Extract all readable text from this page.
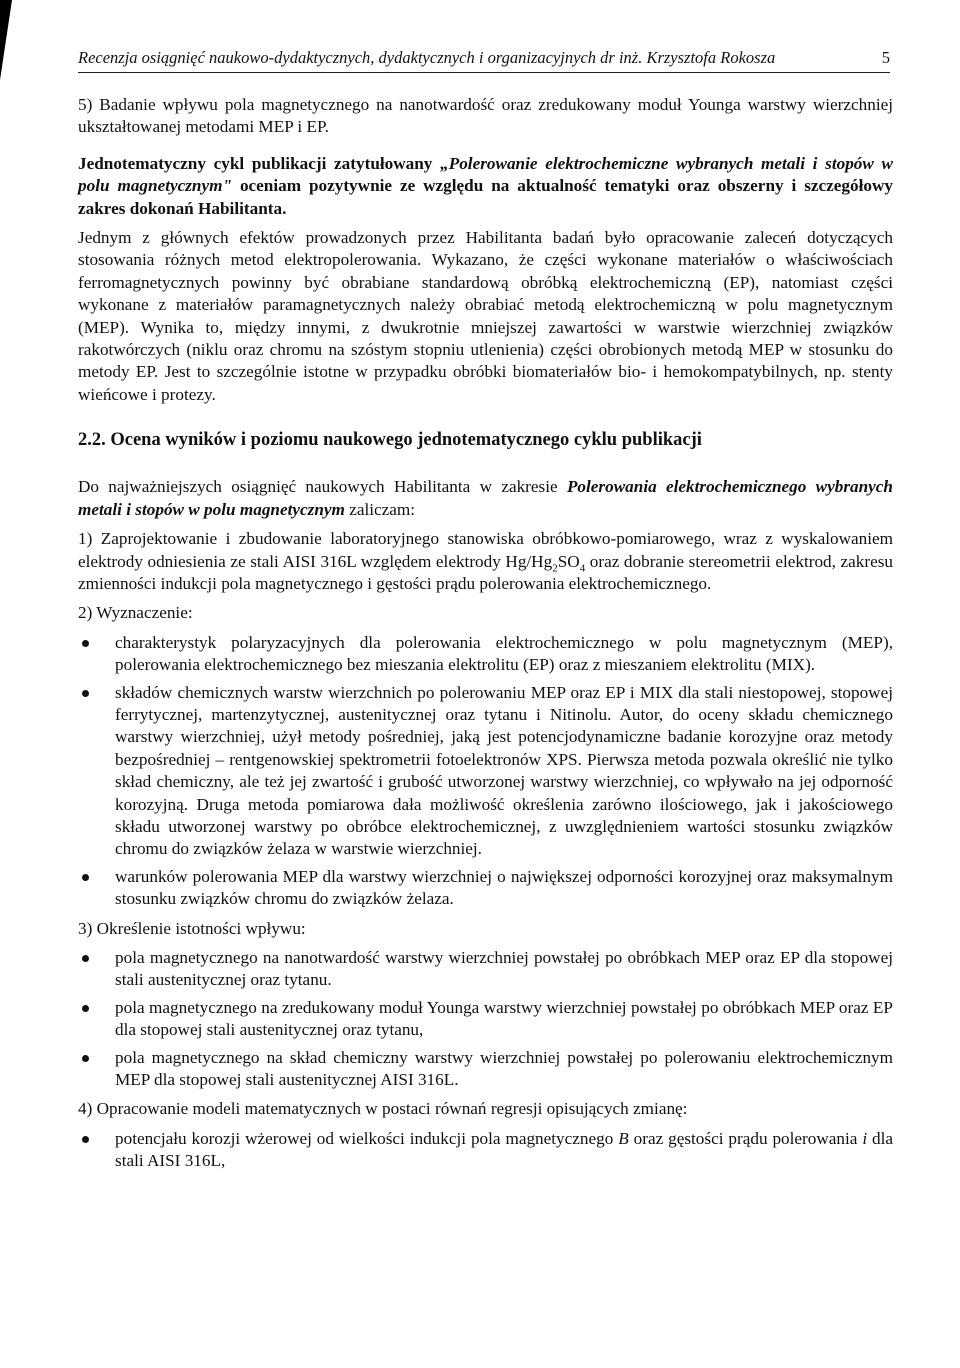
Recenzja osiągnięć naukowo-dydaktycznych, dydaktycznych i organizacyjnych dr inż. Krzysztofa Rokosza	5

5) Badanie wpływu pola magnetycznego na nanotwardość oraz zredukowany moduł Younga warstwy wierzchniej ukształtowanej metodami MEP i EP.

Jednotematyczny cykl publikacji zatytułowany „Polerowanie elektrochemiczne wybranych metali i stopów w polu magnetycznym" oceniam pozytywnie ze względu na aktualność tematyki oraz obszerny i szczegółowy zakres dokonań Habilitanta.

Jednym z głównych efektów prowadzonych przez Habilitanta badań było opracowanie zaleceń dotyczących stosowania różnych metod elektropolerowania. Wykazano, że części wykonane materiałów o właściwościach ferromagnetycznych powinny być obrabiane standardową obróbką elektrochemiczną (EP), natomiast części wykonane z materiałów paramagnetycznych należy obrabiać metodą elektrochemiczną w polu magnetycznym (MEP). Wynika to, między innymi, z dwukrotnie mniejszej zawartości w warstwie wierzchniej związków rakotwórczych (niklu oraz chromu na szóstym stopniu utlenienia) części obrobionych metodą MEP w stosunku do metody EP. Jest to szczególnie istotne w przypadku obróbki biomateriałów bio- i hemokompatybilnych, np. stenty wieńcowe i protezy.

2.2. Ocena wyników i poziomu naukowego jednotematycznego cyklu publikacji

Do najważniejszych osiągnięć naukowych Habilitanta w zakresie Polerowania elektrochemicznego wybranych metali i stopów w polu magnetycznym zaliczam:

1) Zaprojektowanie i zbudowanie laboratoryjnego stanowiska obróbkowo-pomiarowego, wraz z wyskalowaniem elektrody odniesienia ze stali AISI 316L względem elektrody $Hg/Hg_2SO_4$ oraz dobranie stereometrii elektrod, zakresu zmienności indukcji pola magnetycznego i gęstości prądu polerowania elektrochemicznego.

2) Wyznaczenie:

charakterystyk polaryzacyjnych dla polerowania elektrochemicznego w polu magnetycznym (MEP), polerowania elektrochemicznego bez mieszania elektrolitu (EP) oraz z mieszaniem elektrolitu (MIX).
składów chemicznych warstw wierzchnich po polerowaniu MEP oraz EP i MIX dla stali niestopowej, stopowej ferrytycznej, martenzytycznej, austenitycznej oraz tytanu i Nitinolu. Autor, do oceny składu chemicznego warstwy wierzchniej, użył metody pośredniej, jaką jest potencjodynamiczne badanie korozyjne oraz metody bezpośredniej – rentgenowskiej spektrometrii fotoelektronów XPS. Pierwsza metoda pozwala określić nie tylko skład chemiczny, ale też jej zwartość i grubość utworzonej warstwy wierzchniej, co wpływało na jej odporność korozyjną. Druga metoda pomiarowa dała możliwość określenia zarówno ilościowego, jak i jakościowego składu utworzonej warstwy po obróbce elektrochemicznej, z uwzględnieniem wartości stosunku związków chromu do związków żelaza w warstwie wierzchniej.
warunków polerowania MEP dla warstwy wierzchniej o największej odporności korozyjnej oraz maksymalnym stosunku związków chromu do związków żelaza.

3) Określenie istotności wpływu:

pola magnetycznego na nanotwardość warstwy wierzchniej powstałej po obróbkach MEP oraz EP dla stopowej stali austenitycznej oraz tytanu.
pola magnetycznego na zredukowany moduł Younga warstwy wierzchniej powstałej po obróbkach MEP oraz EP dla stopowej stali austenitycznej oraz tytanu,
pola magnetycznego na skład chemiczny warstwy wierzchniej powstałej po polerowaniu elektrochemicznym MEP dla stopowej stali austenitycznej AISI 316L.

4) Opracowanie modeli matematycznych w postaci równań regresji opisujących zmianę:

potencjału korozji wżerowej od wielkości indukcji pola magnetycznego B oraz gęstości prądu polerowania i dla stali AISI 316L,
